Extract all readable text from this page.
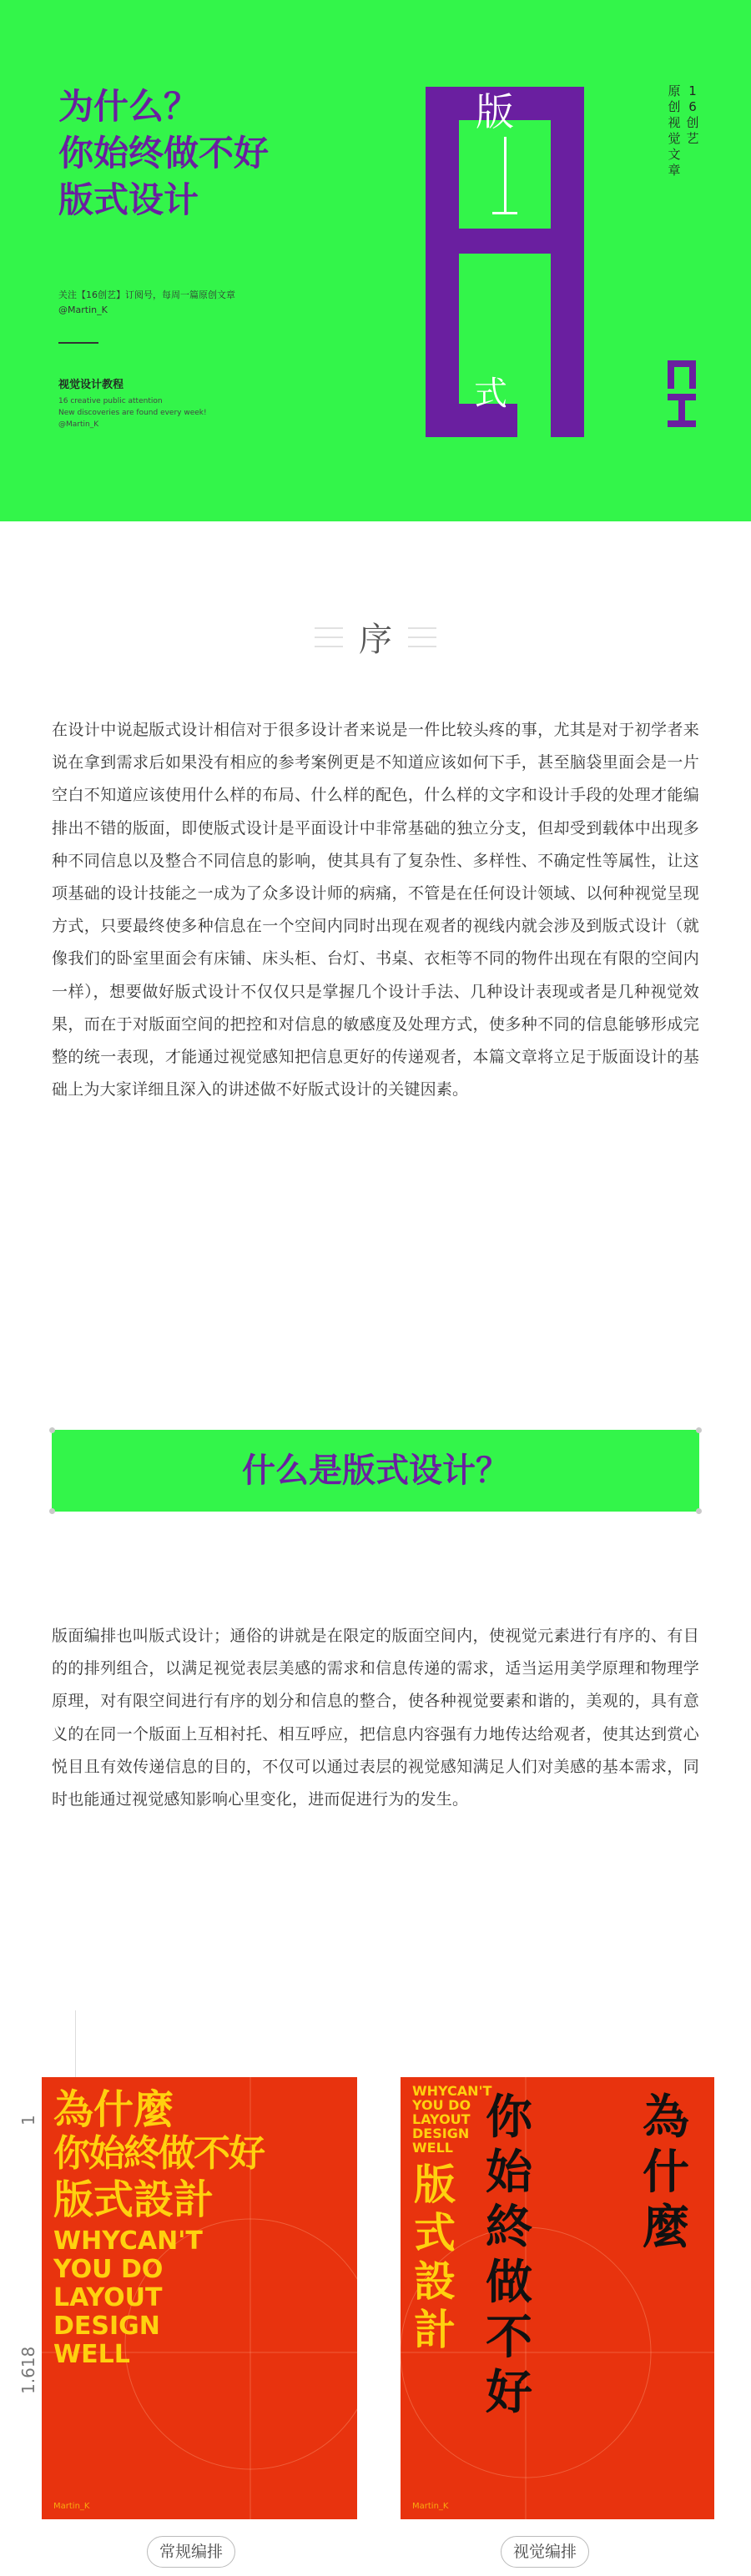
为什么？
你始终做不好
版式设计
关注【16创艺】订阅号，每周一篇原创文章
@Martin_K
视觉设计教程
16 creative public attention
New discoveries are found every week!
@Martin_K
版
式
1
6
创
艺
原
创
视
觉
文
章
序
在设计中说起版式设计相信对于很多设计者来说是一件比较头疼的事，尤其是对于初学者来说在拿到需求后如果没有相应的参考案例更是不知道应该如何下手，甚至脑袋里面会是一片空白不知道应该使用什么样的布局、什么样的配色，什么样的文字和设计手段的处理才能编排出不错的版面，即使版式设计是平面设计中非常基础的独立分支，但却受到载体中出现多种不同信息以及整合不同信息的影响，使其具有了复杂性、多样性、不确定性等属性，让这项基础的设计技能之一成为了众多设计师的病痛，不管是在任何设计领域、以何种视觉呈现方式，只要最终使多种信息在一个空间内同时出现在观者的视线内就会涉及到版式设计（就像我们的卧室里面会有床铺、床头柜、台灯、书桌、衣柜等不同的物件出现在有限的空间内一样），想要做好版式设计不仅仅只是掌握几个设计手法、几种设计表现或者是几种视觉效果，而在于对版面空间的把控和对信息的敏感度及处理方式，使多种不同的信息能够形成完整的统一表现，才能通过视觉感知把信息更好的传递观者，本篇文章将立足于版面设计的基础上为大家详细且深入的讲述做不好版式设计的关键因素。
什么是版式设计？
版面编排也叫版式设计；通俗的讲就是在限定的版面空间内，使视觉元素进行有序的、有目的的排列组合，以满足视觉表层美感的需求和信息传递的需求，适当运用美学原理和物理学原理，对有限空间进行有序的划分和信息的整合，使各种视觉要素和谐的，美观的，具有意义的在同一个版面上互相衬托、相互呼应，把信息内容强有力地传达给观者，使其达到赏心悦目且有效传递信息的目的，不仅可以通过表层的视觉感知满足人们对美感的基本需求，同时也能通过视觉感知影响心里变化，进而促进行为的发生。
1
1.618
為什麼
你始終做不好
版式設計
WHYCAN'T
YOU DO
LAYOUT
DESIGN
WELL
Martin_K
常规编排
WHYCAN'T
YOU DO
LAYOUT
DESIGN
WELL
版式設計
你始終做不好
為什麼
Martin_K
视觉编排
